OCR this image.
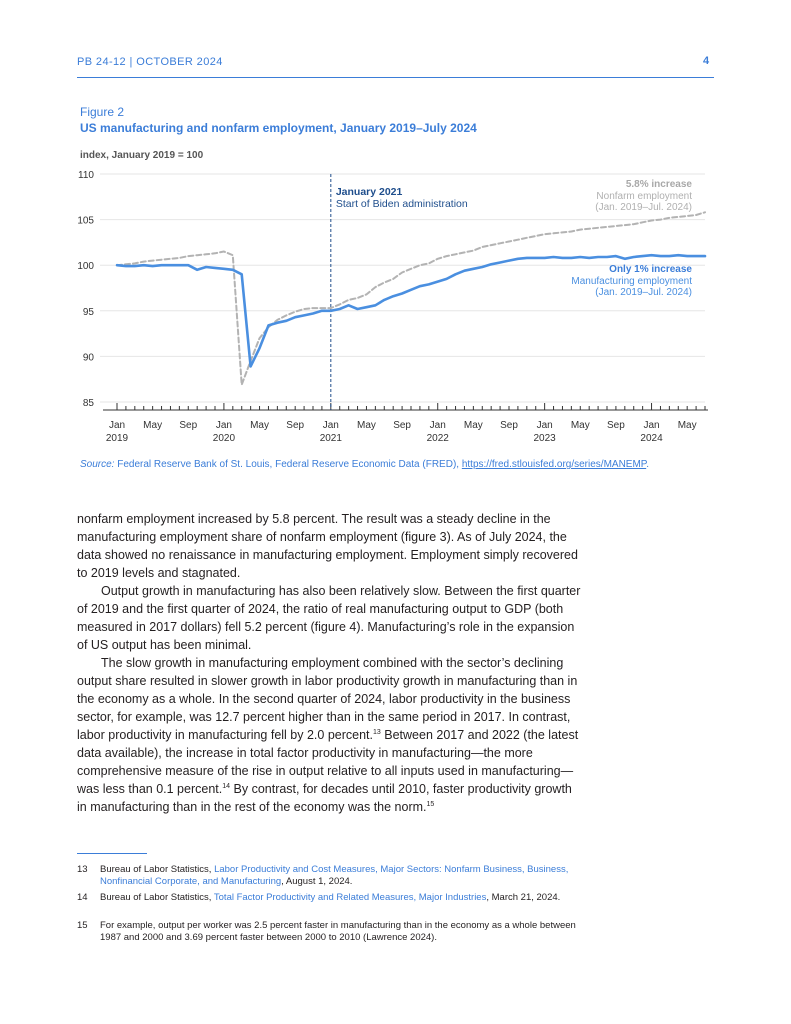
PB 24-12 | OCTOBER 2024	4
Figure 2
US manufacturing and nonfarm employment, January 2019–July 2024
index, January 2019 = 100
85
90
95
100
105
110
Jan
2019
May Sep Jan
2020
May Sep Jan
2021
May Sep Jan
2022
May Sep Jan
2023
May Sep Jan
2024
May
January 2021
Start of Biden administration
5.8% increase
Nonfarm employment
(Jan. 2019–Jul. 2024)
Only 1% increase
Manufacturing employment
(Jan. 2019–Jul. 2024)
Source: Federal Reserve Bank of St. Louis, Federal Reserve Economic Data (FRED), https://fred.stlouisfed.org/series/MANEMP.

nonfarm employment increased by 5.8 percent. The result was a steady decline in the manufacturing employment share of nonfarm employment (figure 3). As of July 2024, the data showed no renaissance in manufacturing employment. Employment simply recovered to 2019 levels and stagnated.

Output growth in manufacturing has also been relatively slow. Between the first quarter of 2019 and the first quarter of 2024, the ratio of real manufacturing output to GDP (both measured in 2017 dollars) fell 5.2 percent (figure 4). Manufacturing’s role in the expansion of US output has been minimal.

The slow growth in manufacturing employment combined with the sector’s declining output share resulted in slower growth in labor productivity growth in manufacturing than in the economy as a whole. In the second quarter of 2024, labor productivity in the business sector, for example, was 12.7 percent higher than in the same period in 2017. In contrast, labor productivity in manufacturing fell by 2.0 percent.$^{13}$ Between 2017 and 2022 (the latest data available), the increase in total factor productivity in manufacturing—the more comprehensive measure of the rise in output relative to all inputs used in manufacturing—was less than 0.1 percent.$^{14}$ By contrast, for decades until 2010, faster productivity growth in manufacturing than in the rest of the economy was the norm.$^{15}$

13 Bureau of Labor Statistics, Labor Productivity and Cost Measures, Major Sectors: Nonfarm Business, Business, Nonfinancial Corporate, and Manufacturing, August 1, 2024.
14 Bureau of Labor Statistics, Total Factor Productivity and Related Measures, Major Industries, March 21, 2024.
15 For example, output per worker was 2.5 percent faster in manufacturing than in the economy as a whole between 1987 and 2000 and 3.69 percent faster between 2000 to 2010 (Lawrence 2024).
